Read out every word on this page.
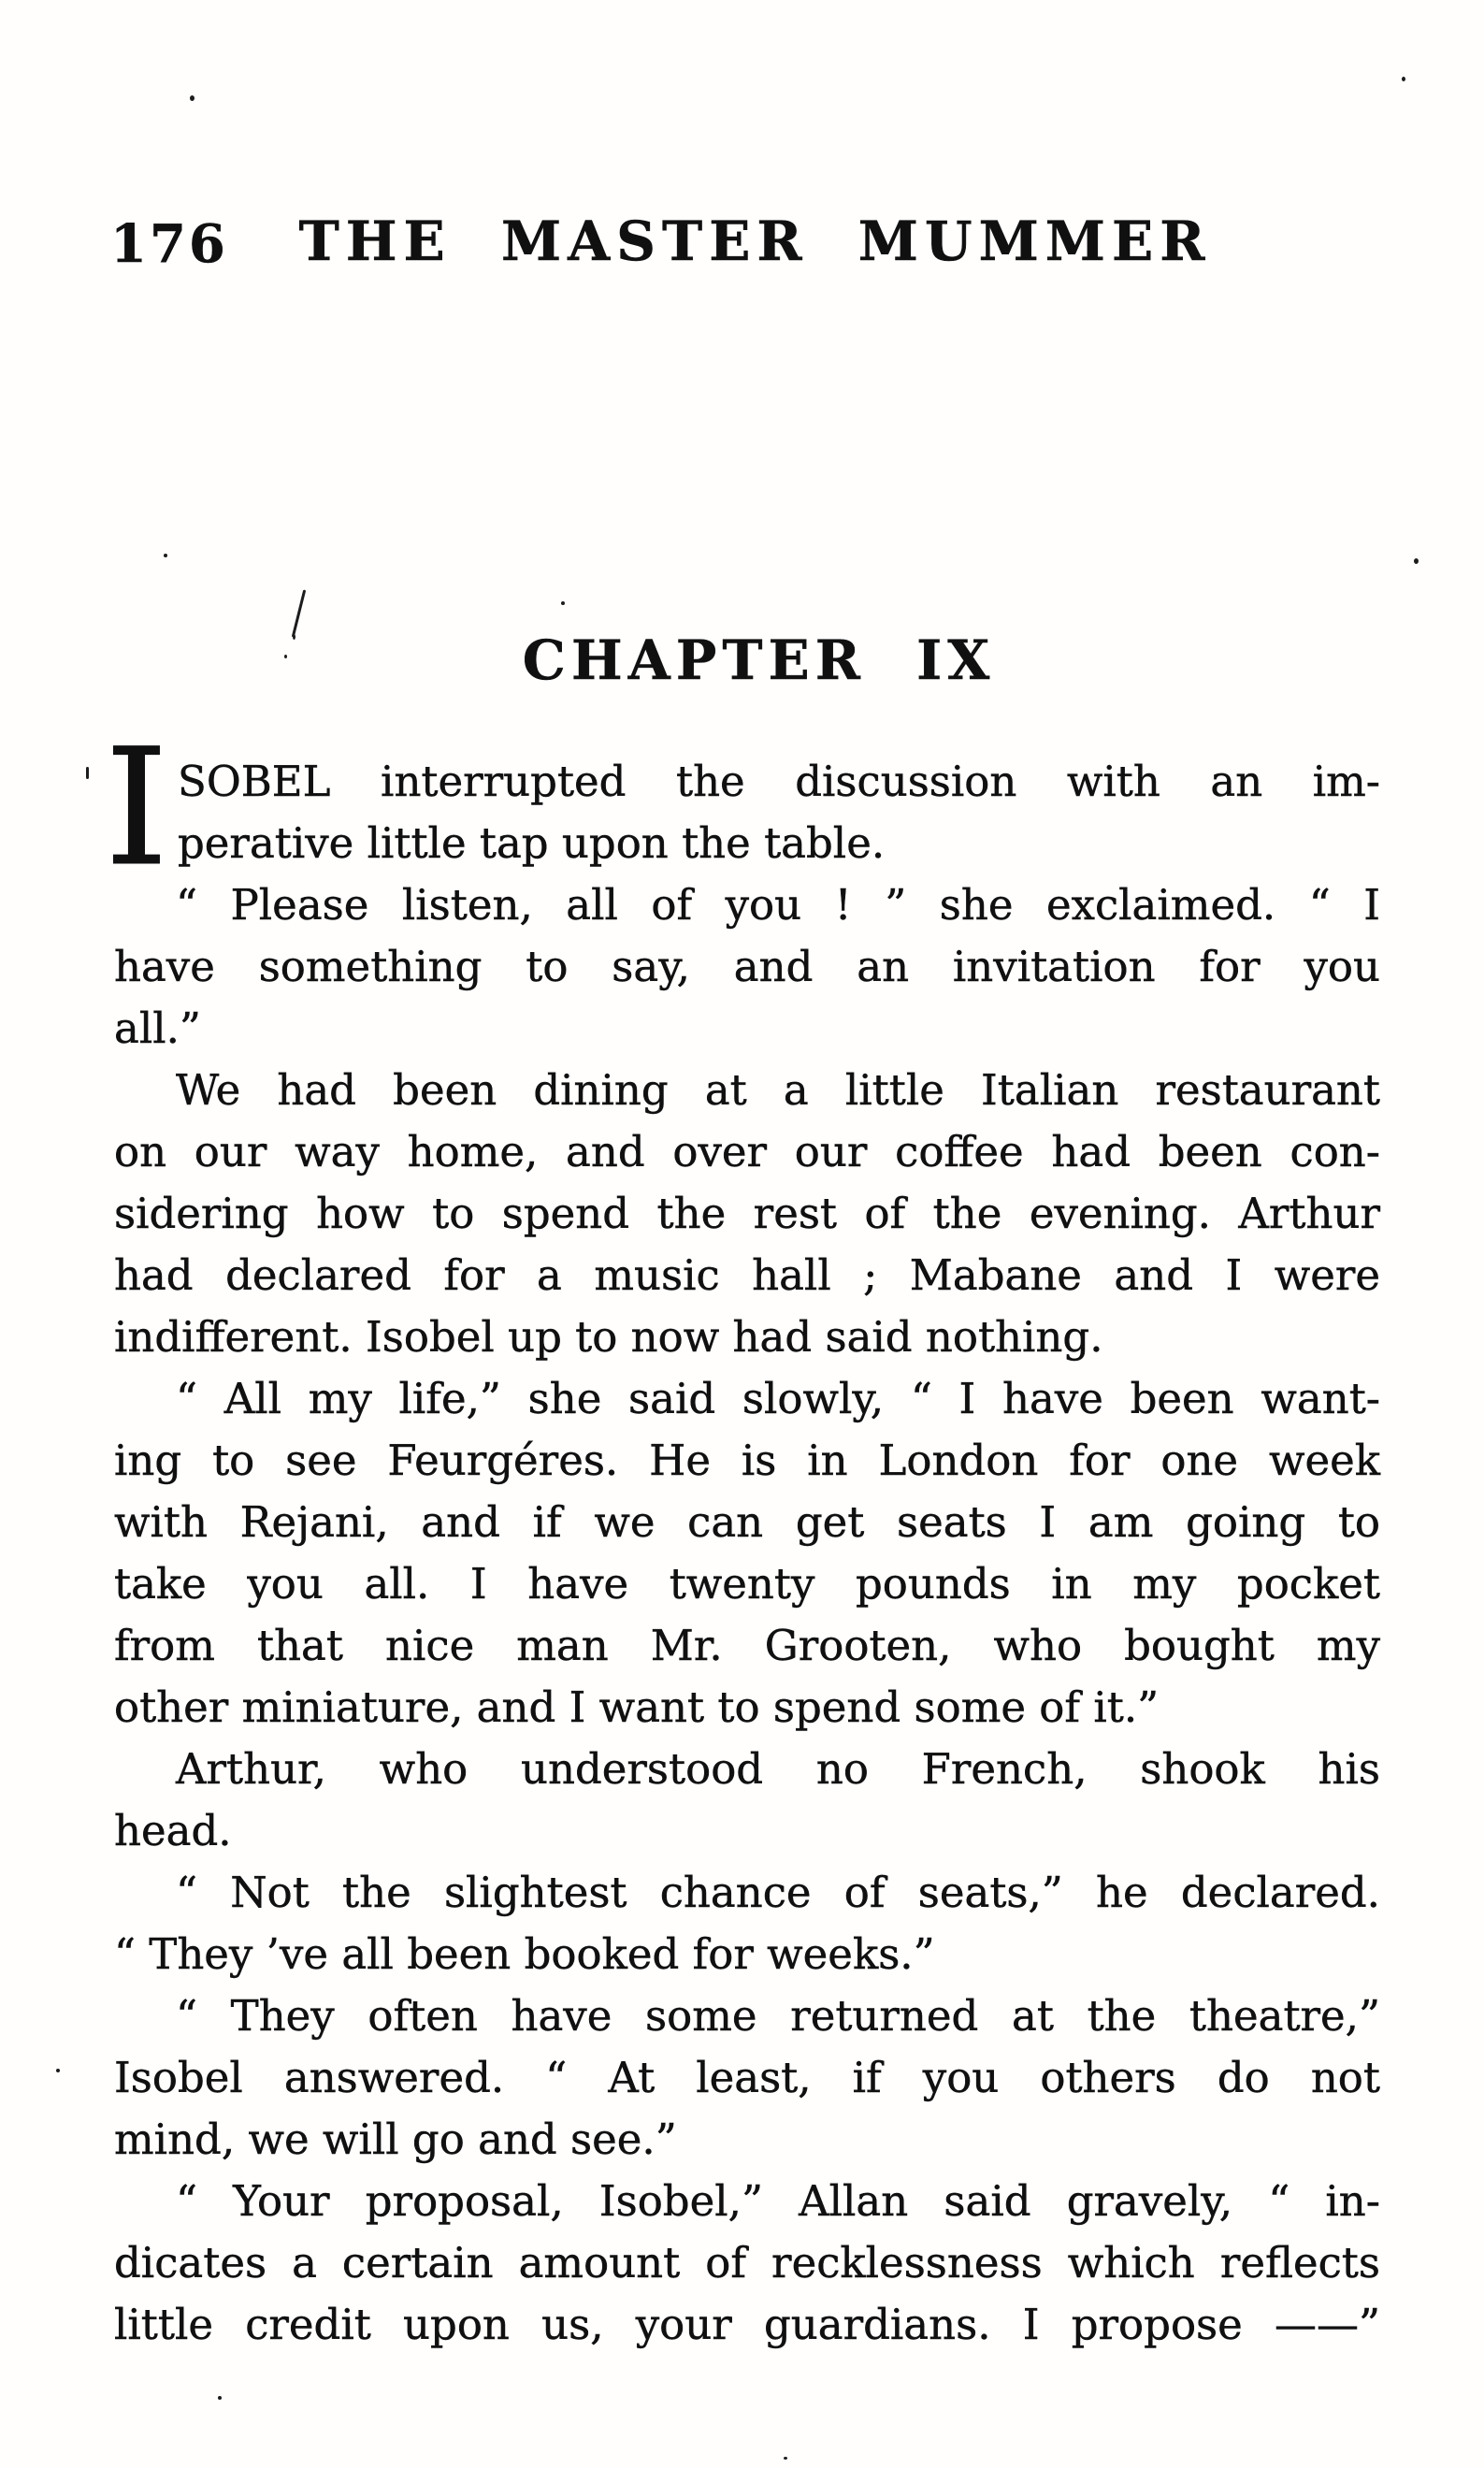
176 THE MASTER MUMMER
CHAPTER IX
I SOBEL interrupted the discussion with an im-
perative little tap upon the table.
“ Please listen, all of you ! ” she exclaimed. “ I
have something to say, and an invitation for you
all.”
We had been dining at a little Italian restaurant
on our way home, and over our coffee had been con-
sidering how to spend the rest of the evening. Arthur
had declared for a music hall ; Mabane and I were
indifferent. Isobel up to now had said nothing.
“ All my life,” she said slowly, “ I have been want-
ing to see Feurgéres. He is in London for one week
with Rejani, and if we can get seats I am going to
take you all. I have twenty pounds in my pocket
from that nice man Mr. Grooten, who bought my
other miniature, and I want to spend some of it.”
Arthur, who understood no French, shook his
head.
“ Not the slightest chance of seats,” he declared.
“ They ’ve all been booked for weeks.”
“ They often have some returned at the theatre,”
Isobel answered. “ At least, if you others do not
mind, we will go and see.”
“ Your proposal, Isobel,” Allan said gravely, “ in-
dicates a certain amount of recklessness which reflects
little credit upon us, your guardians. I propose ——”
